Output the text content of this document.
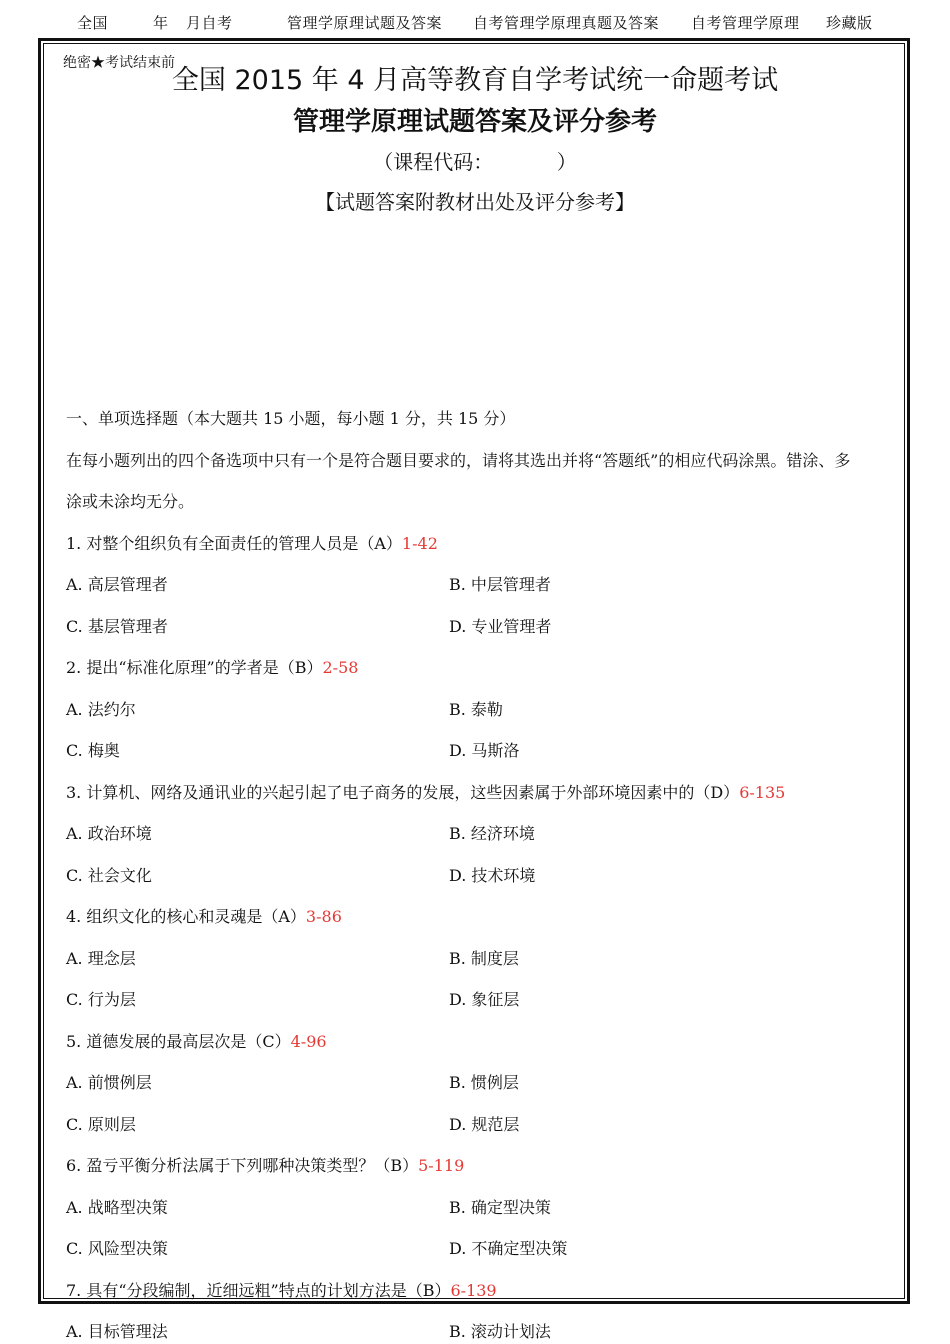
全国

	年

月自考

	管理学原理试题及答案

自考管理学原理真题及答案

自考管理学原理

珍藏版

绝密★考试结束前
全国 2015 年 4 月高等教育自学考试统一命题考试
管理学原理试题答案及评分参考
（课程代码：          ）
【试题答案附教材出处及评分参考】
一、单项选择题（本大题共 15 小题，每小题 1 分，共 15 分）
在每小题列出的四个备选项中只有一个是符合题目要求的，请将其选出并将“答题纸”的相应代码涂黑。错涂、多
涂或未涂均无分。
1. 对整个组织负有全面责任的管理人员是（A）1-42
A. 高层管理者	B. 中层管理者
C. 基层管理者	D. 专业管理者
2. 提出“标准化原理”的学者是（B）2-58
A. 法约尔	B. 泰勒
C. 梅奥	D. 马斯洛
3. 计算机、网络及通讯业的兴起引起了电子商务的发展，这些因素属于外部环境因素中的（D）6-135
A. 政治环境	B. 经济环境
C. 社会文化	D. 技术环境
4. 组织文化的核心和灵魂是（A）3-86
A. 理念层	B. 制度层
C. 行为层	D. 象征层
5. 道德发展的最高层次是（C）4-96
A. 前惯例层	B. 惯例层
C. 原则层	D. 规范层
6. 盈亏平衡分析法属于下列哪种决策类型？（B）5-119
A. 战略型决策	B. 确定型决策
C. 风险型决策	D. 不确定型决策
7. 具有“分段编制，近细远粗”特点的计划方法是（B）6-139
A. 目标管理法	B. 滚动计划法
